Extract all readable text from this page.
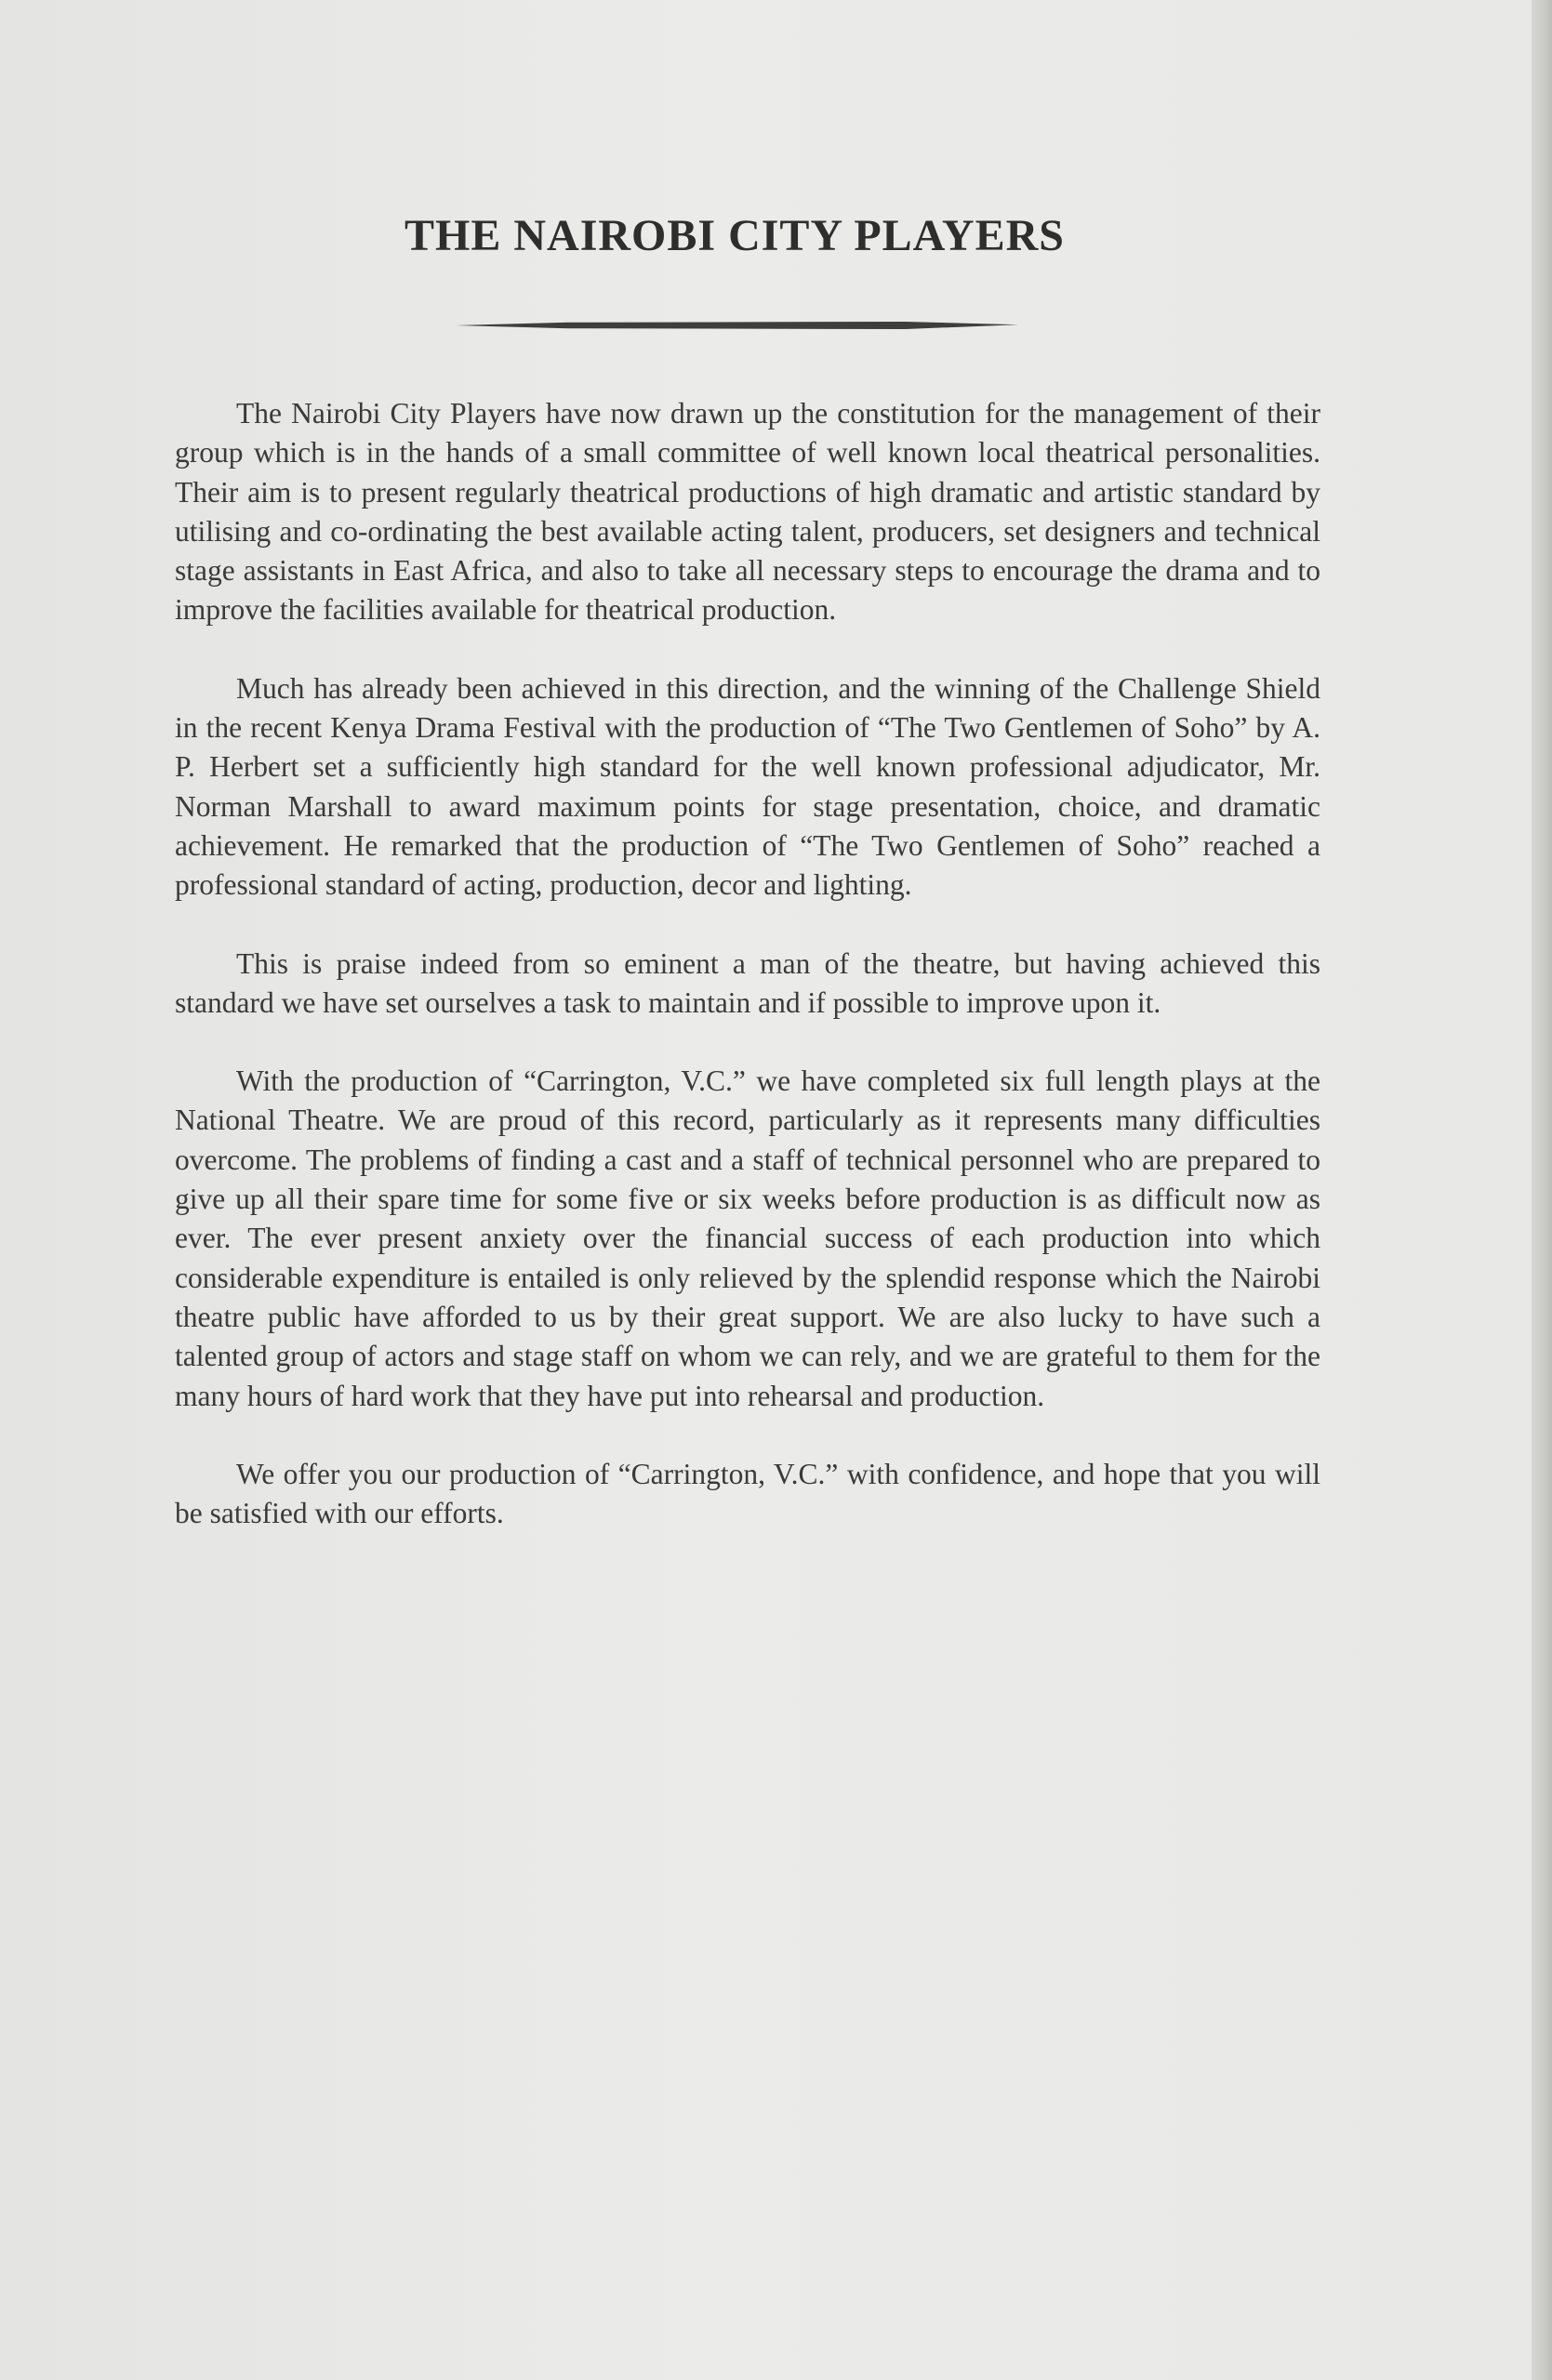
THE NAIROBI CITY PLAYERS

The Nairobi City Players have now drawn up the constitution for the management of their group which is in the hands of a small committee of well known local theatrical personalities. Their aim is to present regularly theatrical productions of high dramatic and artistic standard by utilising and co-ordinating the best available acting talent, producers, set designers and technical stage assistants in East Africa, and also to take all necessary steps to encourage the drama and to improve the facilities available for theatrical production.

Much has already been achieved in this direction, and the winning of the Challenge Shield in the recent Kenya Drama Festival with the production of “The Two Gentlemen of Soho” by A. P. Herbert set a sufficiently high standard for the well known professional adjudicator, Mr. Norman Marshall to award maximum points for stage presentation, choice, and dramatic achievement. He remarked that the production of “The Two Gentlemen of Soho” reached a professional standard of acting, production, decor and lighting.

This is praise indeed from so eminent a man of the theatre, but having achieved this standard we have set ourselves a task to maintain and if possible to improve upon it.

With the production of “Carrington, V.C.” we have completed six full length plays at the National Theatre. We are proud of this record, particularly as it represents many difficulties overcome. The problems of finding a cast and a staff of technical personnel who are prepared to give up all their spare time for some five or six weeks before production is as difficult now as ever. The ever present anxiety over the financial success of each production into which considerable expenditure is entailed is only relieved by the splendid response which the Nairobi theatre public have afforded to us by their great support. We are also lucky to have such a talented group of actors and stage staff on whom we can rely, and we are grateful to them for the many hours of hard work that they have put into rehearsal and production.

We offer you our production of “Carrington, V.C.” with confidence, and hope that you will be satisfied with our efforts.
